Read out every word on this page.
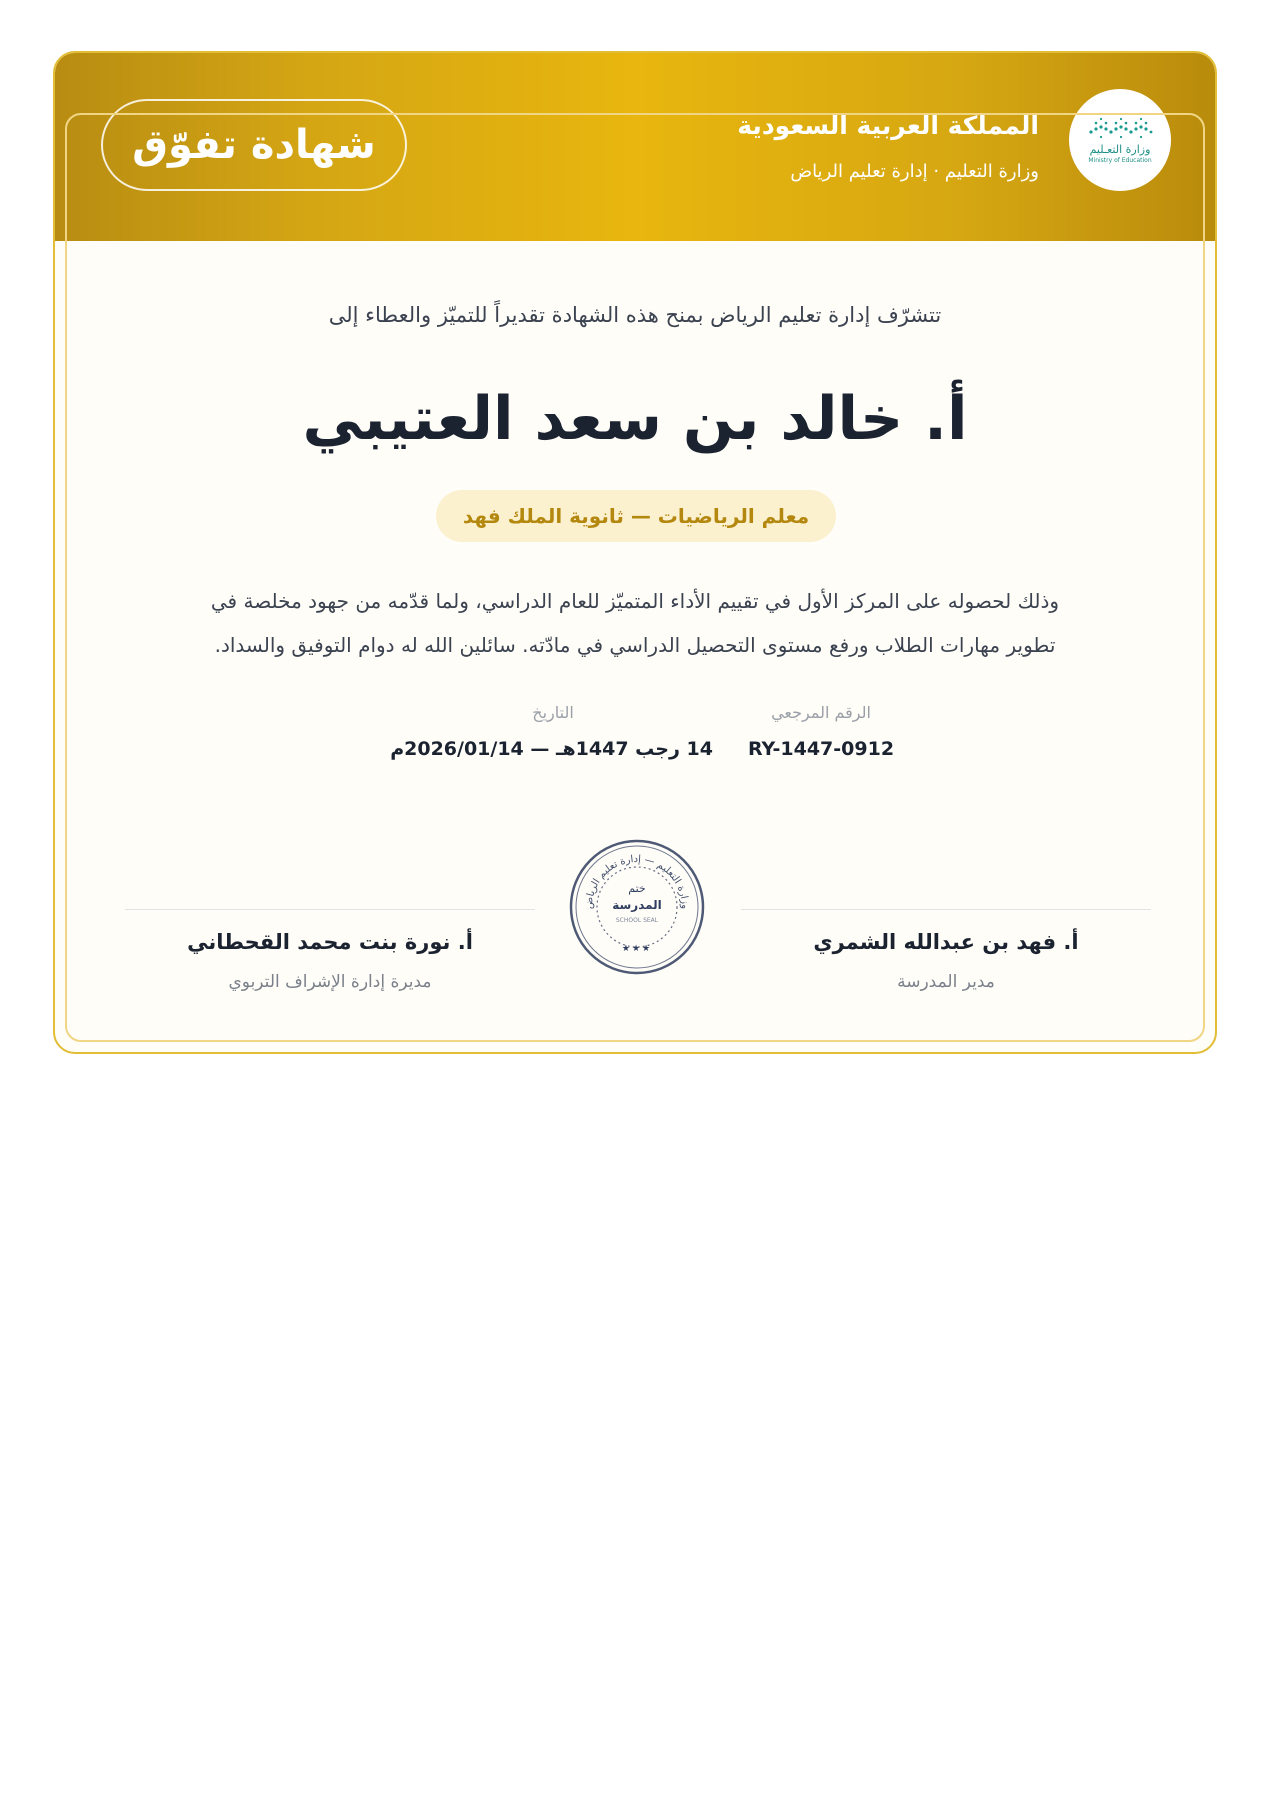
وزارة التعـليم
Ministry of Education
المملكة العربية السعودية
وزارة التعليم · إدارة تعليم الرياض
شهادة تفوّق
تتشرّف إدارة تعليم الرياض بمنح هذه الشهادة تقديراً للتميّز والعطاء إلى
أ. خالد بن سعد العتيبي
معلم الرياضيات — ثانوية الملك فهد
وذلك لحصوله على المركز الأول في تقييم الأداء المتميّز للعام الدراسي، ولما قدّمه من جهود مخلصة في
تطوير مهارات الطلاب ورفع مستوى التحصيل الدراسي في مادّته. سائلين الله له دوام التوفيق والسداد.
الرقم المرجعي
RY-1447-0912
التاريخ
14 رجب 1447هـ — 2026/01/14م
أ. فهد بن عبدالله الشمري
مدير المدرسة
أ. نورة بنت محمد القحطاني
مديرة إدارة الإشراف التربوي
وزارة التعليم — إدارة تعليم الرياض
ختم
المدرسة
SCHOOL SEAL
★★★
